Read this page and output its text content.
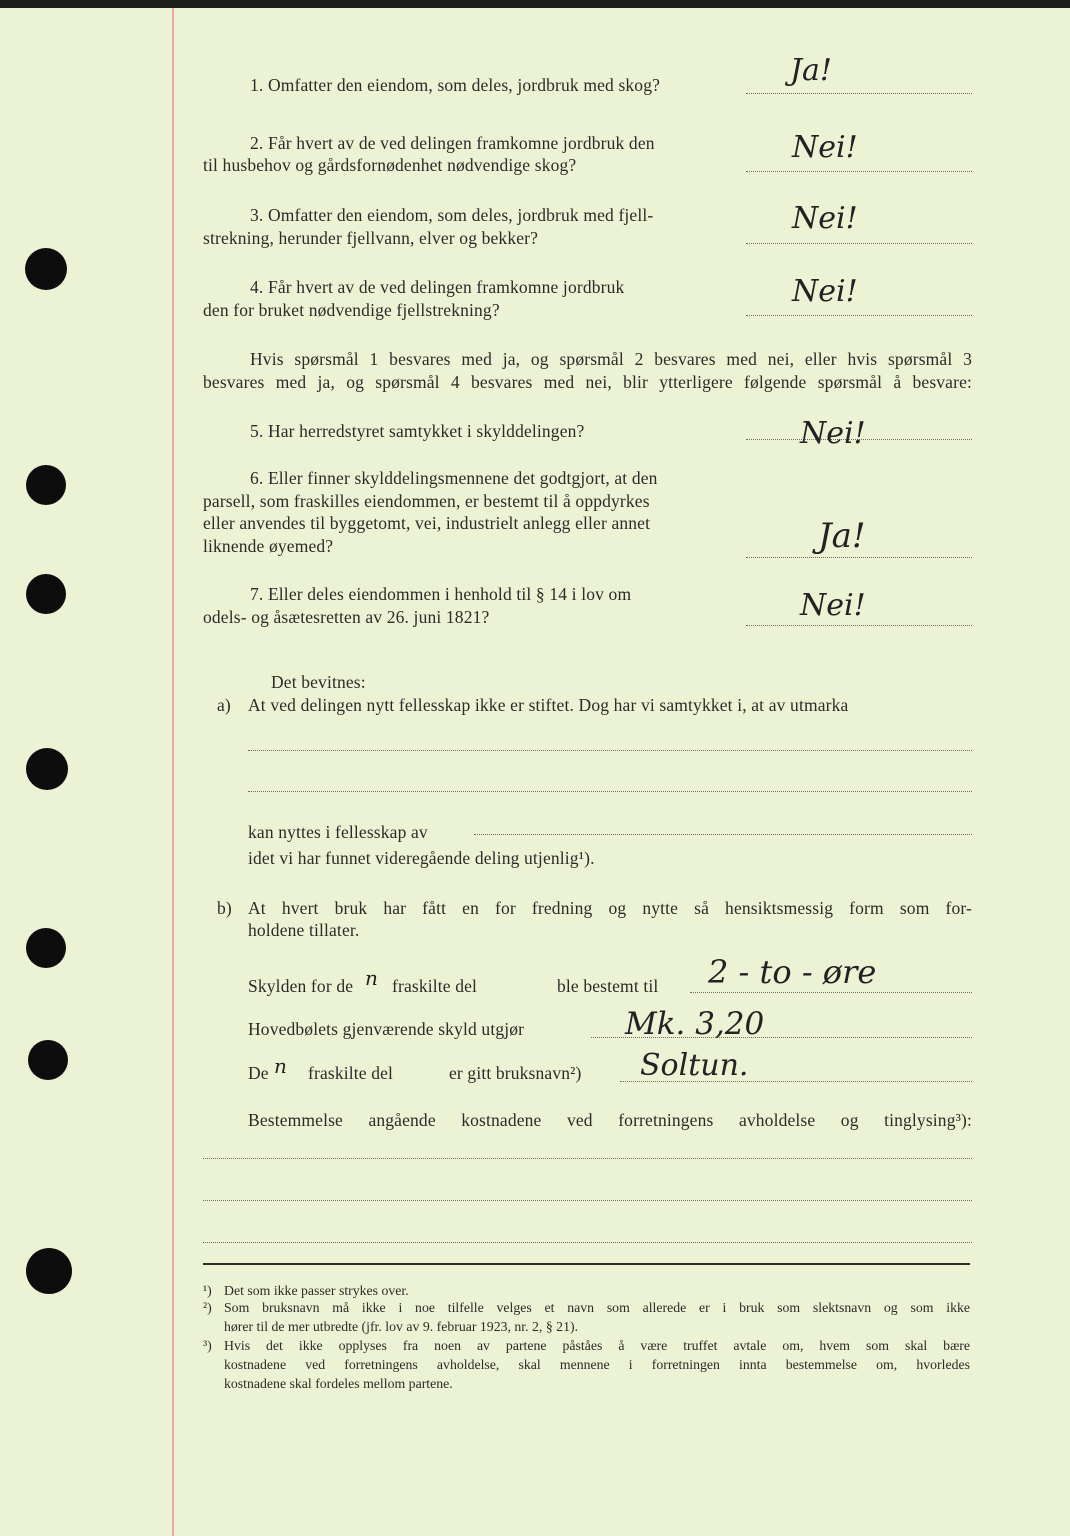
1. Omfatter den eiendom, som deles, jordbruk med skog?	Ja!
2. Får hvert av de ved delingen framkomne jordbruk den
til husbehov og gårdsfornødenhet nødvendige skog?	Nei!
3. Omfatter den eiendom, som deles, jordbruk med fjell-
strekning, herunder fjellvann, elver og bekker?
Nei!
4. Får hvert av de ved delingen framkomne jordbruk
den for bruket nødvendige fjellstrekning?
Nei!
Hvis spørsmål 1 besvares med ja, og spørsmål 2 besvares med nei, eller hvis spørsmål 3
besvares med ja, og spørsmål 4 besvares med nei, blir ytterligere følgende spørsmål å besvare:
5. Har herredstyret samtykket i skylddelingen?	Nei!
6. Eller finner skylddelingsmennene det godtgjort, at den
parsell, som fraskilles eiendommen, er bestemt til å oppdyrkes
eller anvendes til byggetomt, vei, industrielt anlegg eller annet
liknende øyemed?	Ja!
7. Eller deles eiendommen i henhold til § 14 i lov om
odels- og åsætesretten av 26. juni 1821?	Nei!
Det bevitnes:
a) At ved delingen nytt fellesskap ikke er stiftet. Dog har vi samtykket i, at av utmarka
kan nyttes i fellesskap av
idet vi har funnet videregående deling utjenlig¹).
b) At hvert bruk har fått en for fredning og nytte så hensiktsmessig form som for-
holdene tillater.
Skylden for de n fraskilte del	ble bestemt til 2 - to - øre
Hovedbølets gjenværende skyld utgjør	Mk. 3,20
De n fraskilte del	er gitt bruksnavn²) Soltun.
Bestemmelse angående kostnadene ved forretningens avholdelse og tinglysing³):
¹) Det som ikke passer strykes over.
²) Som bruksnavn må ikke i noe tilfelle velges et navn som allerede er i bruk som slektsnavn og som ikke
hører til de mer utbredte (jfr. lov av 9. februar 1923, nr. 2, § 21).
³) Hvis det ikke opplyses fra noen av partene påståes å være truffet avtale om, hvem som skal bære
kostnadene ved forretningens avholdelse, skal mennene i forretningen innta bestemmelse om, hvorledes
kostnadene skal fordeles mellom partene.
